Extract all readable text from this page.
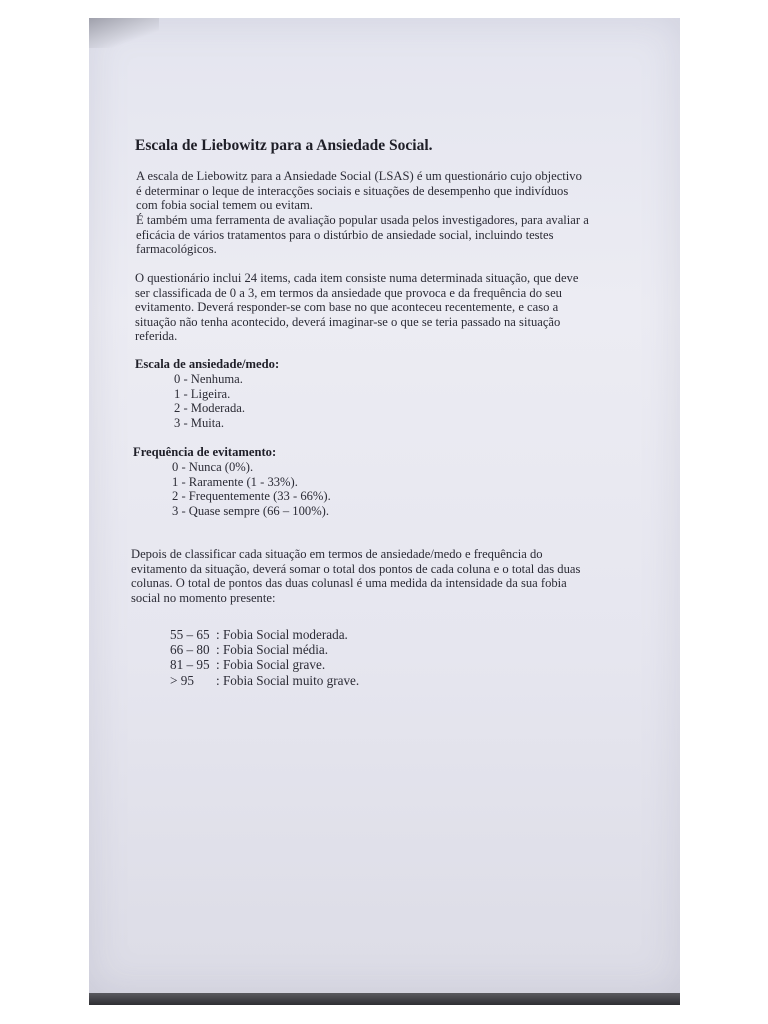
Escala de Liebowitz para a Ansiedade Social.
A escala de Liebowitz para a Ansiedade Social (LSAS) é um questionário cujo objectivo
é determinar o leque de interacções sociais e situações de desempenho que indivíduos
com fobia social temem ou evitam.
É também uma ferramenta de avaliação popular usada pelos investigadores, para avaliar a
eficácia de vários tratamentos para o distúrbio de ansiedade social, incluindo testes
farmacológicos.
O questionário inclui 24 items, cada item consiste numa determinada situação, que deve
ser classificada de 0 a 3, em termos da ansiedade que provoca e da frequência do seu
evitamento. Deverá responder-se com base no que aconteceu recentemente, e caso a
situação não tenha acontecido, deverá imaginar-se o que se teria passado na situação
referida.
Escala de ansiedade/medo:
0 - Nenhuma.
1 - Ligeira.
2 - Moderada.
3 - Muita.
Frequência de evitamento:
0 - Nunca (0%).
1 - Raramente (1 - 33%).
2 - Frequentemente (33 - 66%).
3 - Quase sempre (66 – 100%).
Depois de classificar cada situação em termos de ansiedade/medo e frequência do
evitamento da situação, deverá somar o total dos pontos de cada coluna e o total das duas
colunas. O total de pontos das duas colunasl é uma medida da intensidade da sua fobia
social no momento presente:
55 – 65	: Fobia Social moderada.
66 – 80	: Fobia Social média.
81 – 95	: Fobia Social grave.
> 95	: Fobia Social muito grave.
